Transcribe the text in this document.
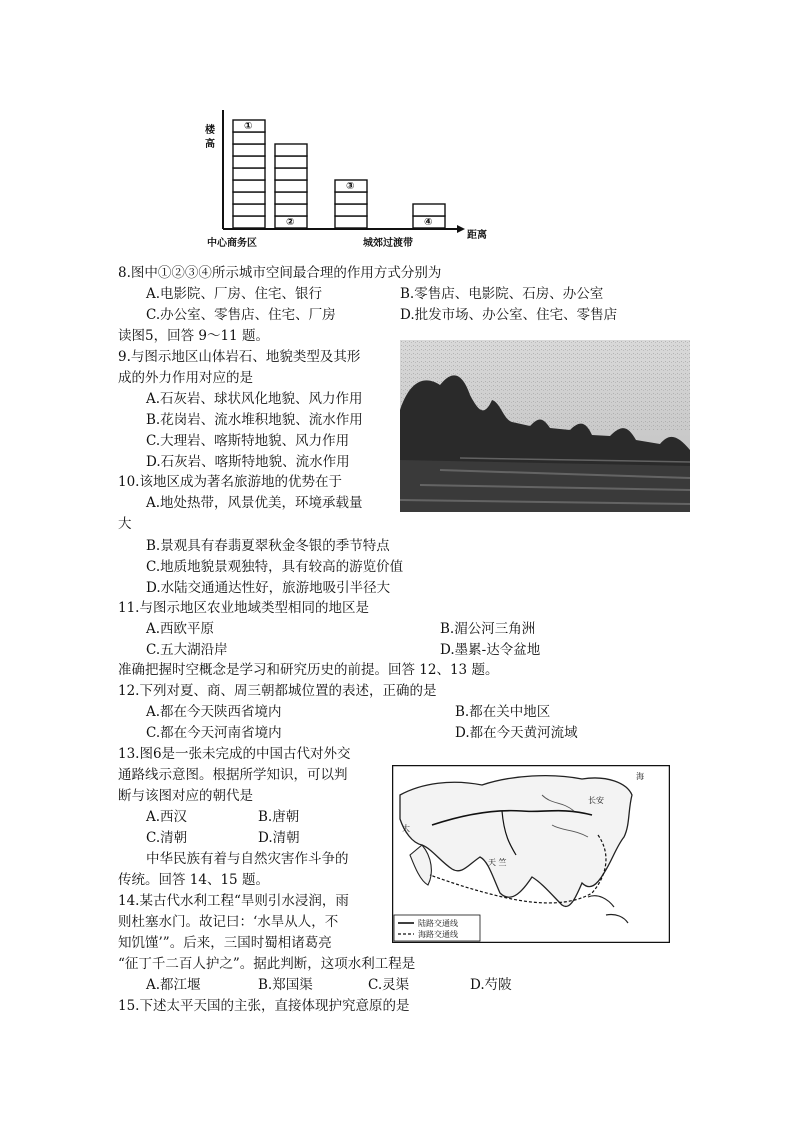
楼
高
距离
中心商务区	城郊过渡带
①
②
③
④
8.图中①②③④所示城市空间最合理的作用方式分别为
A.电影院、厂房、住宅、银行	B.零售店、电影院、石房、办公室
C.办公室、零售店、住宅、厂房	D.批发市场、办公室、住宅、零售店
读图5，回答 9～11 题。
9.与图示地区山体岩石、地貌类型及其形
成的外力作用对应的是
A.石灰岩、球状风化地貌、风力作用
B.花岗岩、流水堆积地貌、流水作用
C.大理岩、喀斯特地貌、风力作用
D.石灰岩、喀斯特地貌、流水作用
10.该地区成为著名旅游地的优势在于
A.地处热带，风景优美，环境承载量
大
B.景观具有春翡夏翠秋金冬银的季节特点
C.地质地貌景观独特，具有较高的游览价值
D.水陆交通通达性好，旅游地吸引半径大
11.与图示地区农业地域类型相同的地区是
A.西欧平原	B.湄公河三角洲
C.五大湖沿岸	D.墨累-达令盆地
准确把握时空概念是学习和研究历史的前提。回答 12、13 题。
12.下列对夏、商、周三朝都城位置的表述，正确的是
A.都在今天陕西省境内	B.都在关中地区
C.都在今天河南省境内	D.都在今天黄河流域
13.图6是一张未完成的中国古代对外交
通路线示意图。根据所学知识，可以判
断与该图对应的朝代是
A.西汉	B.唐朝
C.清朝	D.清朝
海
大
天 竺
长安
陆路交通线
海路交通线
中华民族有着与自然灾害作斗争的
传统。回答 14、15 题。
14.某古代水利工程“旱则引水浸润，雨
则杜塞水门。故记曰：‘水旱从人，不
知饥馑’”。后来，三国时蜀相诸葛亮
“征丁千二百人护之”。据此判断，这项水利工程是
A.都江堰	B.郑国渠	C.灵渠	D.芍陂
15.下述太平天国的主张，直接体现护究意原的是
